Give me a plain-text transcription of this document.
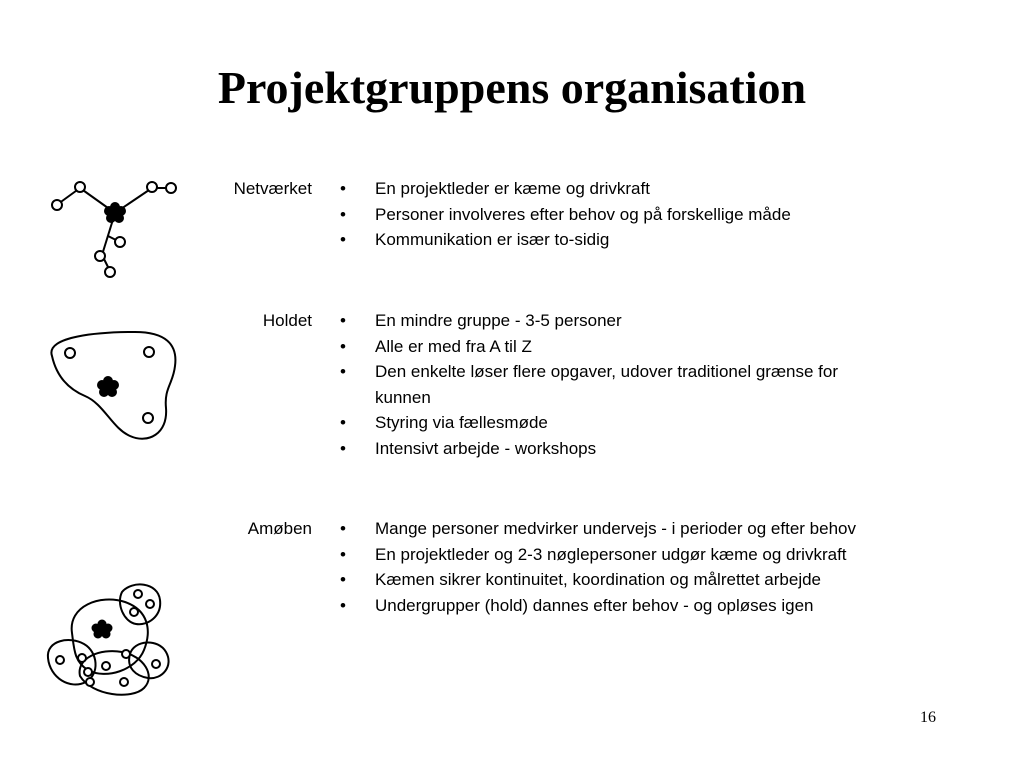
Projektgruppens organisation
Netværket • En projektleder er kæme og drivkraft
• Personer involveres efter behov og på forskellige måde
• Kommunikation er især to-sidig
Holdet • En mindre gruppe - 3-5 personer
• Alle er med fra A til Z
• Den enkelte løser flere opgaver, udover traditionel grænse for kunnen
• Styring via fællesmøde
• Intensivt arbejde - workshops
Amøben • Mange personer medvirker undervejs - i perioder og efter behov
• En projektleder og 2-3 nøglepersoner udgør kæme og drivkraft
• Kæmen sikrer kontinuitet, koordination og målrettet arbejde
• Undergrupper (hold) dannes efter behov - og opløses igen
16
